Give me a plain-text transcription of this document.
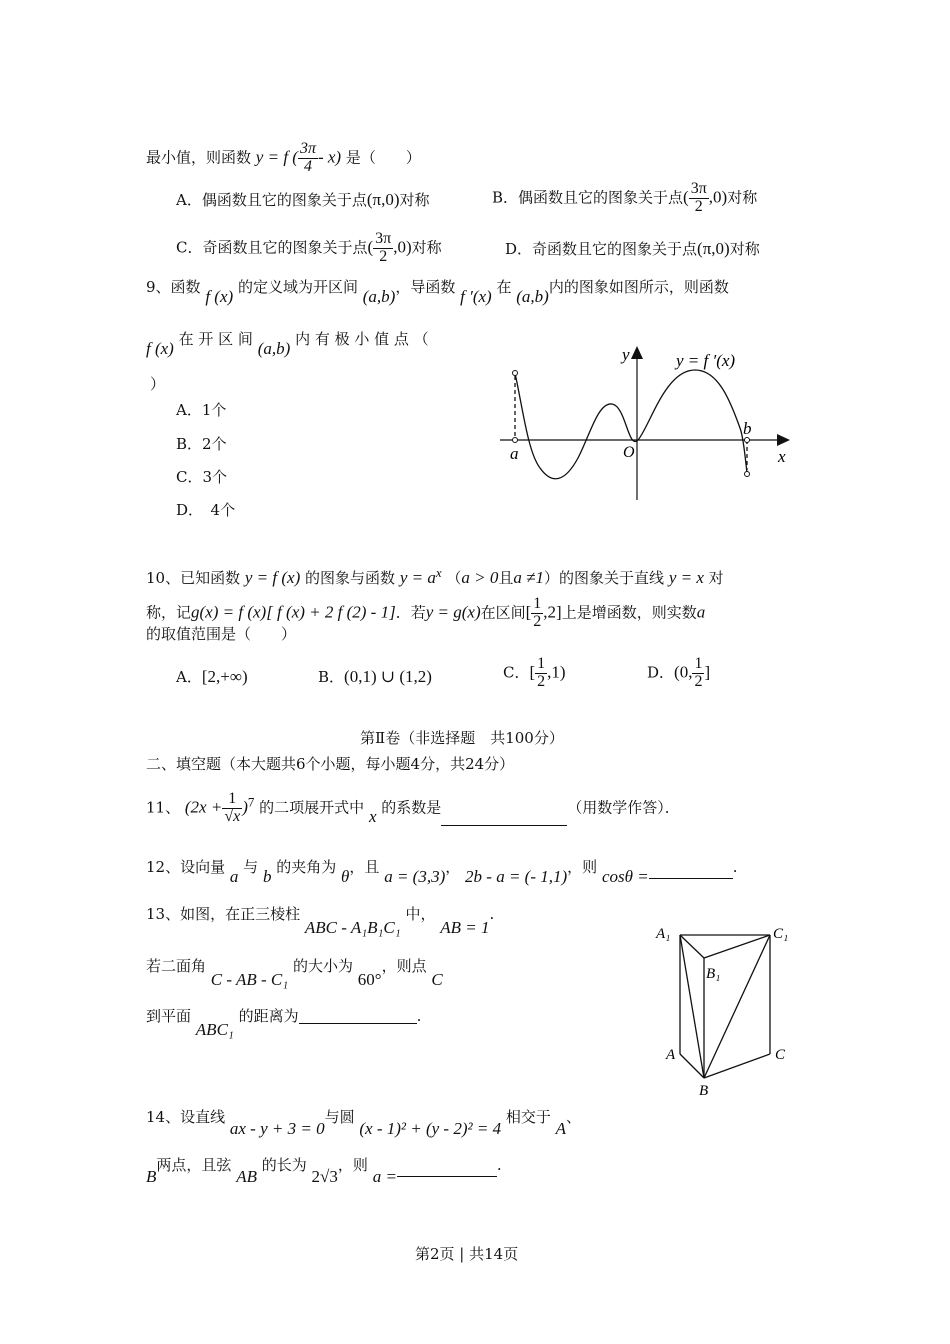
最小值，则函数 y = f ( $\frac{3\pi}{4} - x$) 是（　　）
A．偶函数且它的图象关于点(π,0)对称	B．偶函数且它的图象关于点( $\frac{3\pi}{2} ,0$)对称
C．奇函数且它的图象关于点( $\frac{3\pi}{2} ,0$)对称	D．奇函数且它的图象关于点(π,0)对称
9、函数 f (x) 的定义域为开区间 (a,b)，导函数 f ′(x) 在 (a,b)内的图象如图所示，则函数
f (x) 在 开 区 间 (a,b) 内 有 极 小 值 点 （
）
A．1个
B．2个
C．3个
D．　4个
y
x
O
a
b
y = f ′(x)
10、已知函数 y = f (x) 的图象与函数 $y = a^x$ （a > 0且a ≠1）的图象关于直线 y = x 对
称，记g(x) = f (x)[ f (x) + 2 f (2) - 1]．若y = g(x)在区间[ $\frac{1}{2} ,2$]上是增函数，则实数a
的取值范围是（　　）
A．[2,+∞)	B．(0,1) ∪ (1,2)	C．[ $\frac{1}{2} ,1$)	D．(0, $\frac{1}{2}$ ]
第Ⅱ卷（非选择题　共100分）
二、填空题（本大题共6个小题，每小题4分，共24分）
11、 $(2x + \frac{1}{√x} )^7$ 的二项展开式中 x 的系数是	（用数学作答）．
12、设向量 a 与 b 的夹角为 θ，且 a = (3,3)， 2b - a = (- 1,1)，则 cosθ =	.
13、如图，在正三棱柱 ABC - A₁B₁C₁ 中， AB = 1.
若二面角 C - AB - C₁ 的大小为 60°，则点 C
到平面 ABC₁ 的距离为	.
A₁
B₁
C₁
A
B
C
14、设直线 ax - y + 3 = 0与圆 (x - 1)² + (y - 2)² = 4 相交于 A、
B两点，且弦 AB 的长为 2√3，则 a =.
第2页 | 共14页
